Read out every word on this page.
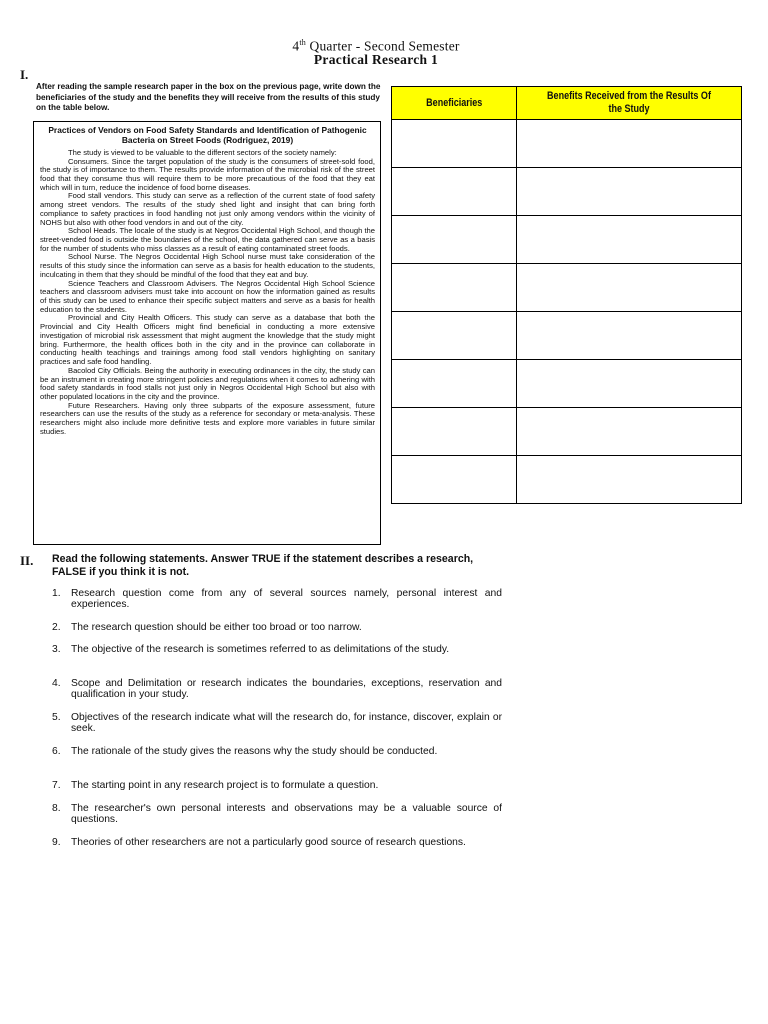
4th Quarter - Second Semester
Practical Research 1
I.
After reading the sample research paper in the box on the previous page, write down the beneficiaries of the study and the benefits they will receive from the results of this study on the table below.
Practices of Vendors on Food Safety Standards and Identification of Pathogenic Bacteria on Street Foods (Rodriguez, 2019)

The study is viewed to be valuable to the different sectors of the society namely:

Consumers. Since the target population of the study is the consumers of street-sold food, the study is of importance to them. The results provide information of the microbial risk of the street food that they consume thus will require them to be more precautious of the food that they eat which will in turn, reduce the incidence of food borne diseases.

Food stall vendors. This study can serve as a reflection of the current state of food safety among street vendors. The results of the study shed light and insight that can bring forth compliance to safety practices in food handling not just only among vendors within the vicinity of NOHS but also with other food vendors in and out of the city.

School Heads. The locale of the study is at Negros Occidental High School, and though the street-vended food is outside the boundaries of the school, the data gathered can serve as a basis for the number of students who miss classes as a result of eating contaminated street foods.

School Nurse. The Negros Occidental High School nurse must take consideration of the results of this study since the information can serve as a basis for health education to the students, inculcating in them that they should be mindful of the food that they eat and buy.

Science Teachers and Classroom Advisers. The Negros Occidental High School Science teachers and classroom advisers must take into account on how the information gained as results of this study can be used to enhance their specific subject matters and serve as a basis for health education to the students.

Provincial and City Health Officers. This study can serve as a database that both the Provincial and City Health Officers might find beneficial in conducting a more extensive investigation of microbial risk assessment that might augment the knowledge that the study might bring. Furthermore, the health offices both in the city and in the province can collaborate in conducting health teachings and trainings among food stall vendors highlighting on sanitary practices and safe food handling.

Bacolod City Officials. Being the authority in executing ordinances in the city, the study can be an instrument in creating more stringent policies and regulations when it comes to adhering with food safety standards in food stalls not just only in Negros Occidental High School but also with other populated locations in the city and the province.

Future Researchers. Having only three subparts of the exposure assessment, future researchers can use the results of the study as a reference for secondary or meta-analysis. These researchers might also include more definitive tests and explore more variables in future similar studies.

Beneficiaries	Benefits Received from the Results Of the Study

II. Read the following statements. Answer TRUE if the statement describes a research, FALSE if you think it is not.
1.	Research question come from any of several sources namely, personal interest and experiences.
2.	The research question should be either too broad or too narrow.
3.	The objective of the research is sometimes referred to as delimitations of the study.
4.	Scope and Delimitation or research indicates the boundaries, exceptions, reservation and qualification in your study.
5.	Objectives of the research indicate what will the research do, for instance, discover, explain or seek.
6.	The rationale of the study gives the reasons why the study should be conducted.
7.	The starting point in any research project is to formulate a question.
8.	The researcher's own personal interests and observations may be a valuable source of questions.
9.	Theories of other researchers are not a particularly good source of research questions.
